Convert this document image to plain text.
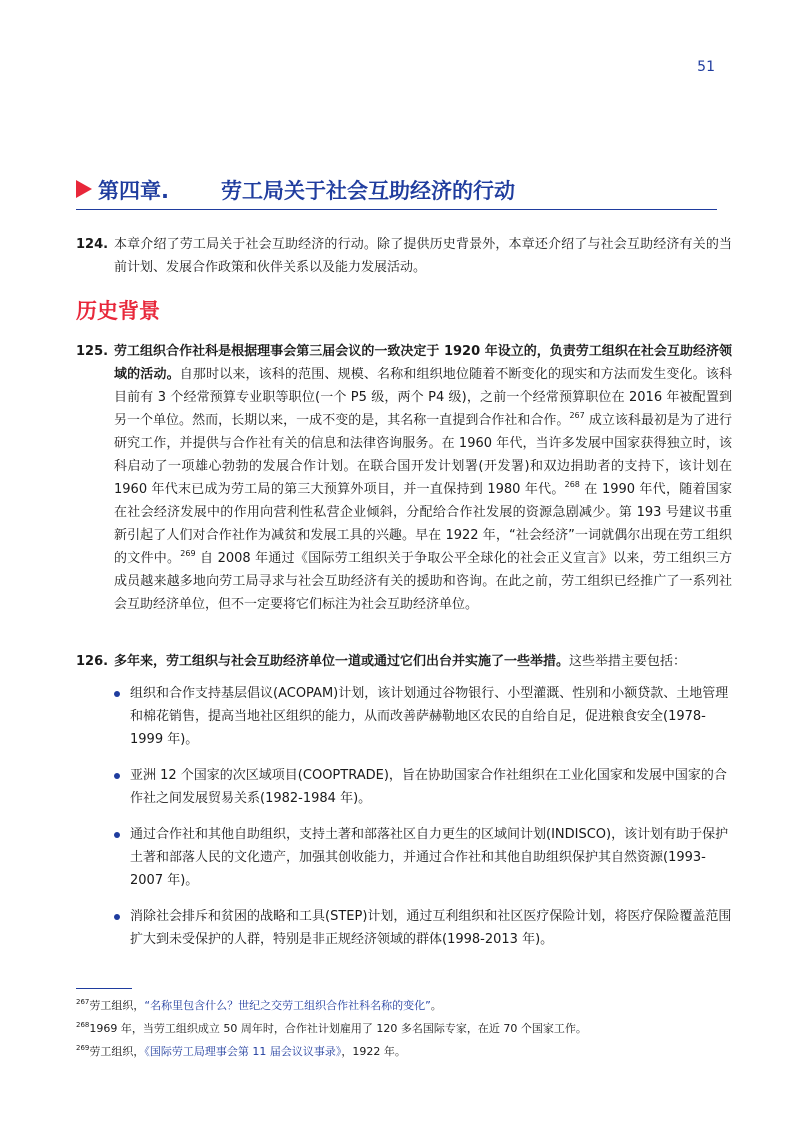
51
第四章. 劳工局关于社会互助经济的行动
124. 本章介绍了劳工局关于社会互助经济的行动。除了提供历史背景外，本章还介绍了与社会互助经济有关的当前计划、发展合作政策和伙伴关系以及能力发展活动。
历史背景
125. 劳工组织合作社科是根据理事会第三届会议的一致决定于 1920 年设立的，负责劳工组织在社会互助经济领域的活动。自那时以来，该科的范围、规模、名称和组织地位随着不断变化的现实和方法而发生变化。该科目前有 3 个经常预算专业职等职位(一个 P5 级，两个 P4 级)，之前一个经常预算职位在 2016 年被配置到另一个单位。然而，长期以来，一成不变的是，其名称一直提到合作社和合作。$^{267}$ 成立该科最初是为了进行研究工作，并提供与合作社有关的信息和法律咨询服务。在 1960 年代，当许多发展中国家获得独立时，该科启动了一项雄心勃勃的发展合作计划。在联合国开发计划署(开发署)和双边捐助者的支持下，该计划在 1960 年代末已成为劳工局的第三大预算外项目，并一直保持到 1980 年代。$^{268}$ 在 1990 年代，随着国家在社会经济发展中的作用向营利性私营企业倾斜，分配给合作社发展的资源急剧减少。第 193 号建议书重新引起了人们对合作社作为减贫和发展工具的兴趣。早在 1922 年，“社会经济”一词就偶尔出现在劳工组织的文件中。$^{269}$ 自 2008 年通过《国际劳工组织关于争取公平全球化的社会正义宣言》以来，劳工组织三方成员越来越多地向劳工局寻求与社会互助经济有关的援助和咨询。在此之前，劳工组织已经推广了一系列社会互助经济单位，但不一定要将它们标注为社会互助经济单位。
126. 多年来，劳工组织与社会互助经济单位一道或通过它们出台并实施了一些举措。这些举措主要包括：
组织和合作支持基层倡议(ACOPAM)计划，该计划通过谷物银行、小型灌溉、性别和小额贷款、土地管理和棉花销售，提高当地社区组织的能力，从而改善萨赫勒地区农民的自给自足，促进粮食安全(1978-1999 年)。
亚洲 12 个国家的次区域项目(COOPTRADE)，旨在协助国家合作社组织在工业化国家和发展中国家的合作社之间发展贸易关系(1982-1984 年)。
通过合作社和其他自助组织，支持土著和部落社区自力更生的区域间计划(INDISCO)，该计划有助于保护土著和部落人民的文化遗产，加强其创收能力，并通过合作社和其他自助组织保护其自然资源(1993-2007 年)。
消除社会排斥和贫困的战略和工具(STEP)计划，通过互利组织和社区医疗保险计划，将医疗保险覆盖范围扩大到未受保护的人群，特别是非正规经济领域的群体(1998-2013 年)。
$^{267}$劳工组织，“名称里包含什么？世纪之交劳工组织合作社科名称的变化”。
$^{268}$1969 年，当劳工组织成立 50 周年时，合作社计划雇用了 120 多名国际专家，在近 70 个国家工作。
$^{269}$劳工组织，《国际劳工局理事会第 11 届会议议事录》，1922 年。
